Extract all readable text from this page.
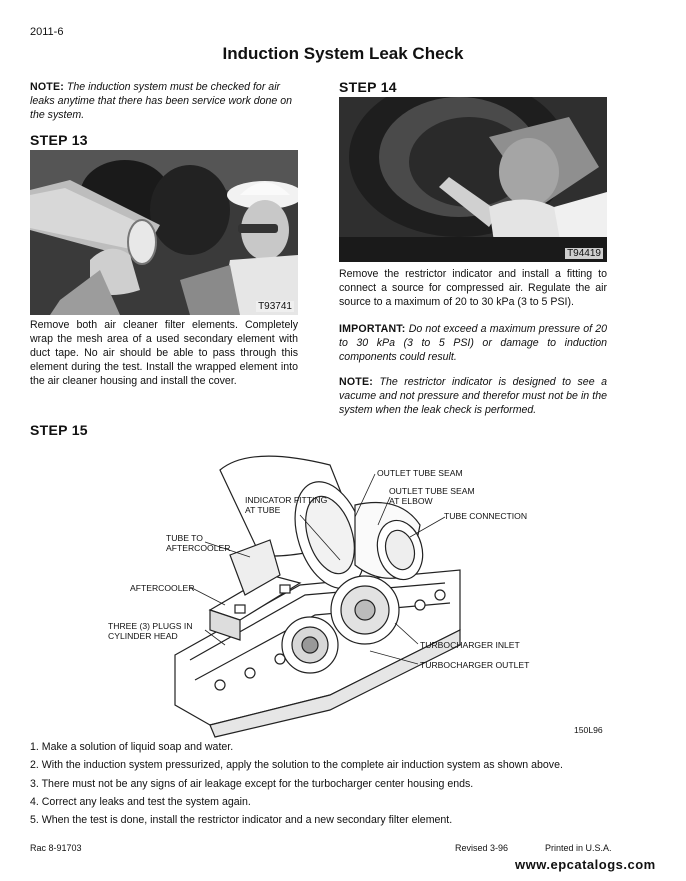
2011-6
Induction System Leak Check
NOTE: The induction system must be checked for air leaks anytime that there has been service work done on the system.
STEP 13
T93741
Remove both air cleaner filter elements. Completely wrap the mesh area of a used secondary element with duct tape. No air should be able to pass through this element during the test. Install the wrapped element into the air cleaner housing and install the cover.
STEP 14
T94419
Remove the restrictor indicator and install a fitting to connect a source for compressed air. Regulate the air source to a maximum of 20 to 30 kPa (3 to 5 PSI).
IMPORTANT: Do not exceed a maximum pressure of 20 to 30 kPa (3 to 5 PSI) or damage to induction components could result.
NOTE: The restrictor indicator is designed to see a vacume and not pressure and therefor must not be in the system when the leak check is performed.
STEP 15
OUTLET TUBE SEAM
OUTLET TUBE SEAM
AT ELBOW
INDICATOR FITTING
AT TUBE
TUBE CONNECTION
TUBE TO
AFTERCOOLER
AFTERCOOLER
THREE (3) PLUGS IN
CYLINDER HEAD
TURBOCHARGER INLET
TURBOCHARGER OUTLET
150L96
1. Make a solution of liquid soap and water.
2. With the induction system pressurized, apply the solution to the complete air induction system as shown above.
3. There must not be any signs of air leakage except for the turbocharger center housing ends.
4. Correct any leaks and test the system again.
5. When the test is done, install the restrictor indicator and a new secondary filter element.
Rac 8-91703	Revised 3-96	Printed in U.S.A.
www.epcatalogs.com
